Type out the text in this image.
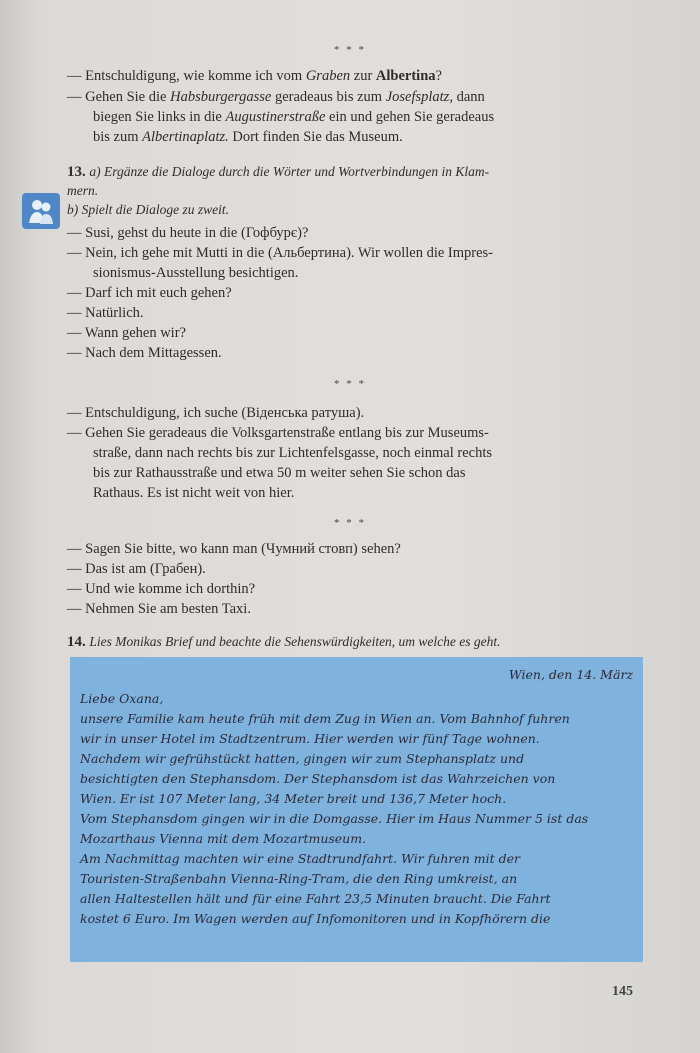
* * *
— Entschuldigung, wie komme ich vom Graben zur Albertina?
— Gehen Sie die Habsburgergasse geradeaus bis zum Josefsplatz, dann
biegen Sie links in die Augustinerstraße ein und gehen Sie geradeaus
bis zum Albertinaplatz. Dort finden Sie das Museum.
13. a) Ergänze die Dialoge durch die Wörter und Wortverbindungen in Klam-
mern.
b) Spielt die Dialoge zu zweit.
— Susi, gehst du heute in die (Гофбурє)?
— Nein, ich gehe mit Mutti in die (Альбертина). Wir wollen die Impres-
sionismus-Ausstellung besichtigen.
— Darf ich mit euch gehen?
— Natürlich.
— Wann gehen wir?
— Nach dem Mittagessen.
* * *
— Entschuldigung, ich suche (Віденська ратуша).
— Gehen Sie geradeaus die Volksgartenstraße entlang bis zur Museums-
straße, dann nach rechts bis zur Lichtenfelsgasse, noch einmal rechts
bis zur Rathausstraße und etwa 50 m weiter sehen Sie schon das
Rathaus. Es ist nicht weit von hier.
* * *
— Sagen Sie bitte, wo kann man (Чумний стовп) sehen?
— Das ist am (Грабен).
— Und wie komme ich dorthin?
— Nehmen Sie am besten Taxi.
14. Lies Monikas Brief und beachte die Sehenswürdigkeiten, um welche es geht.
Wien, den 14. März
Liebe Oxana,
unsere Familie kam heute früh mit dem Zug in Wien an. Vom Bahnhof fuhren
wir in unser Hotel im Stadtzentrum. Hier werden wir fünf Tage wohnen.
Nachdem wir gefrühstückt hatten, gingen wir zum Stephansplatz und
besichtigten den Stephansdom. Der Stephansdom ist das Wahrzeichen von
Wien. Er ist 107 Meter lang, 34 Meter breit und 136,7 Meter hoch.
Vom Stephansdom gingen wir in die Domgasse. Hier im Haus Nummer 5 ist das
Mozarthaus Vienna mit dem Mozartmuseum.
Am Nachmittag machten wir eine Stadtrundfahrt. Wir fuhren mit der
Touristen-Straßenbahn Vienna-Ring-Tram, die den Ring umkreist, an
allen Haltestellen hält und für eine Fahrt 23,5 Minuten braucht. Die Fahrt
kostet 6 Euro. Im Wagen werden auf Infomonitoren und in Kopfhörern die
145
